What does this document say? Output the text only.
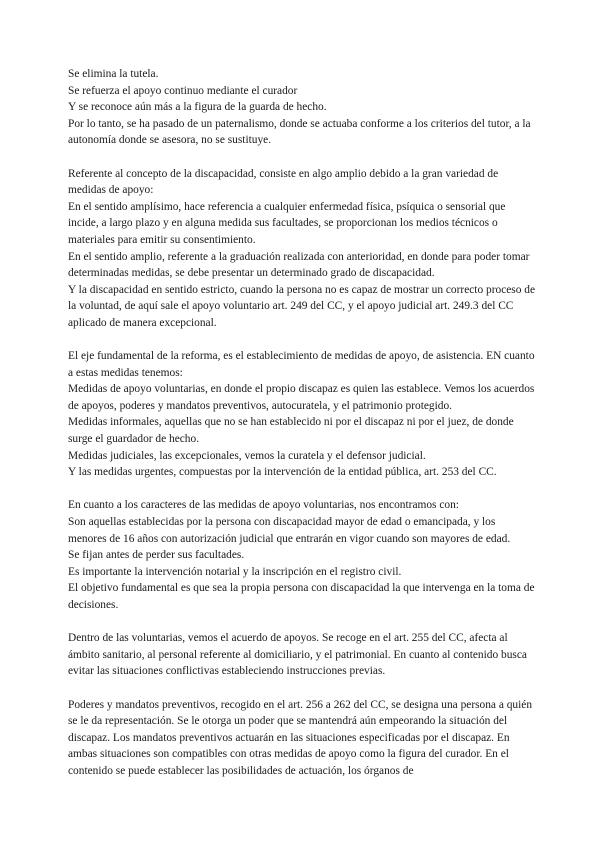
Se elimina la tutela.
Se refuerza el apoyo continuo mediante el curador
Y se reconoce aún más a la figura de la guarda de hecho.
Por lo tanto, se ha pasado de un paternalismo, donde se actuaba conforme a los criterios del tutor, a la autonomía donde se asesora, no se sustituye.
Referente al concepto de la discapacidad, consiste en algo amplio debido a la gran variedad de medidas de apoyo:
En el sentido amplísimo, hace referencia a cualquier enfermedad física, psíquica o sensorial que incide, a largo plazo y en alguna medida sus facultades, se proporcionan los medios técnicos o materiales para emitir su consentimiento.
En el sentido amplio, referente a la graduación realizada con anterioridad, en donde para poder tomar determinadas medidas, se debe presentar un determinado grado de discapacidad.
Y la discapacidad en sentido estricto, cuando la persona no es capaz de mostrar un correcto proceso de la voluntad, de aquí sale el apoyo voluntario art. 249 del CC, y el apoyo judicial art. 249.3 del CC aplicado de manera excepcional.
El eje fundamental de la reforma, es el establecimiento de medidas de apoyo, de asistencia. EN cuanto a estas medidas tenemos:
Medidas de apoyo voluntarias, en donde el propio discapaz es quien las establece. Vemos los acuerdos de apoyos, poderes y mandatos preventivos, autocuratela, y el patrimonio protegido.
Medidas informales, aquellas que no se han establecido ni por el discapaz ni por el juez, de donde surge el guardador de hecho.
Medidas judiciales, las excepcionales, vemos la curatela y el defensor judicial.
Y las medidas urgentes, compuestas por la intervención de la entidad pública, art. 253 del CC.
En cuanto a los caracteres de las medidas de apoyo voluntarias, nos encontramos con:
Son aquellas establecidas por la persona con discapacidad mayor de edad o emancipada, y los menores de 16 años con autorización judicial que entrarán en vigor cuando son mayores de edad.
Se fijan antes de perder sus facultades.
Es importante la intervención notarial y la inscripción en el registro civil.
El objetivo fundamental es que sea la propia persona con discapacidad la que intervenga en la toma de decisiones.
Dentro de las voluntarias, vemos el acuerdo de apoyos. Se recoge en el art. 255 del CC, afecta al ámbito sanitario, al personal referente al domiciliario, y el patrimonial. En cuanto al contenido busca evitar las situaciones conflictivas estableciendo instrucciones previas.
Poderes y mandatos preventivos, recogido en el art. 256 a 262 del CC, se designa una persona a quién se le da representación. Se le otorga un poder que se mantendrá aún empeorando la situación del discapaz. Los mandatos preventivos actuarán en las situaciones especificadas por el discapaz. En ambas situaciones son compatibles con otras medidas de apoyo como la figura del curador. En el contenido se puede establecer las posibilidades de actuación, los órganos de
